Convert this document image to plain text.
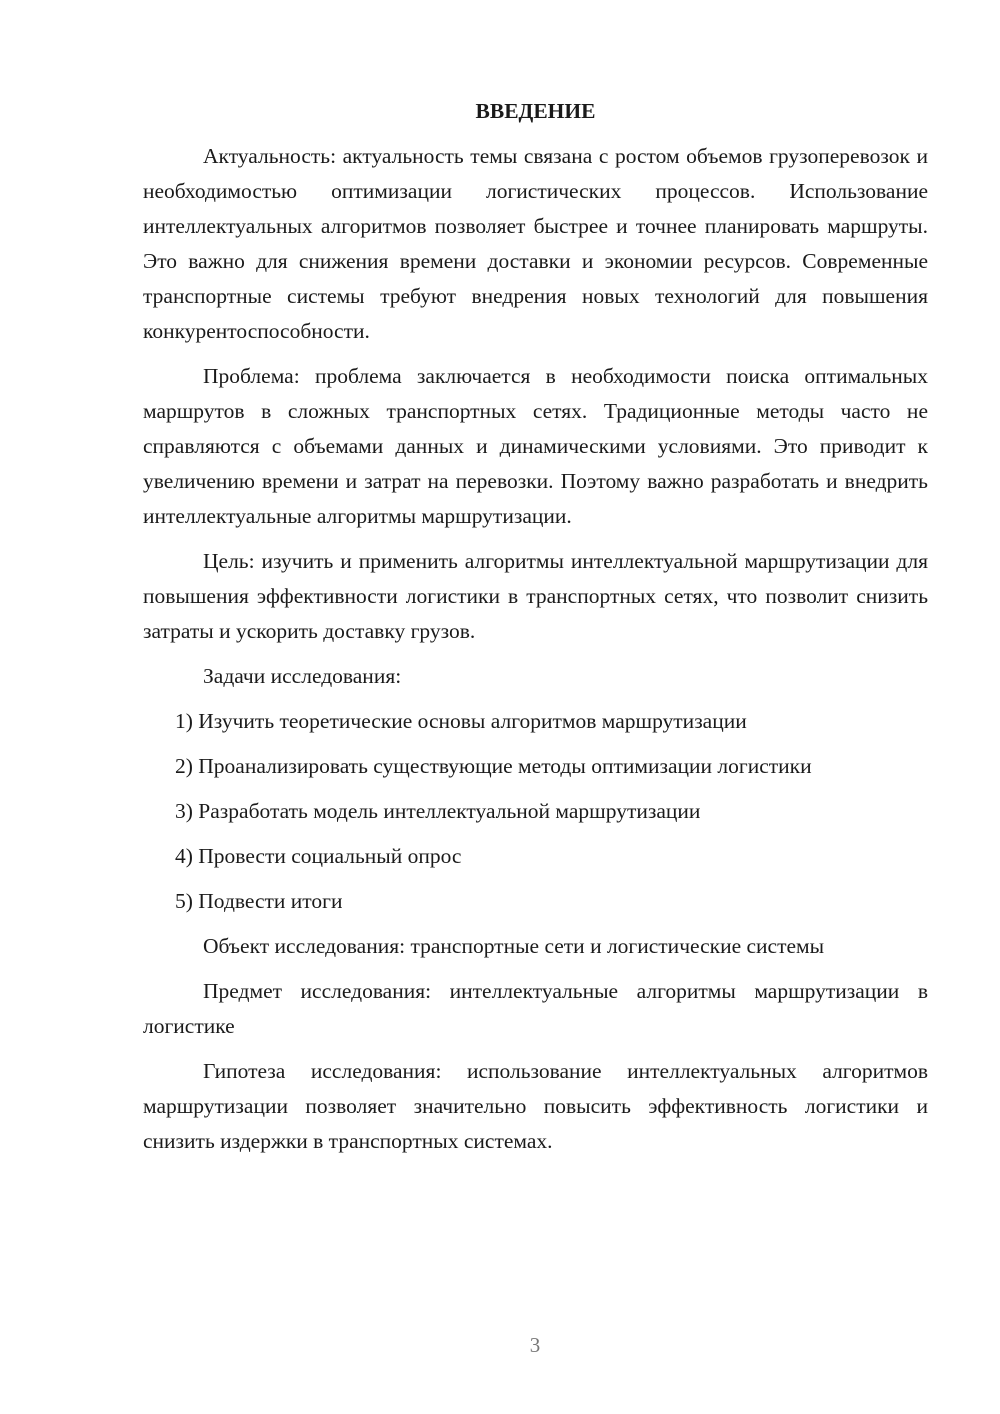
ВВЕДЕНИЕ

Актуальность: актуальность темы связана с ростом объемов грузоперевозок и необходимостью оптимизации логистических процессов. Использование интеллектуальных алгоритмов позволяет быстрее и точнее планировать маршруты. Это важно для снижения времени доставки и экономии ресурсов. Современные транспортные системы требуют внедрения новых технологий для повышения конкурентоспособности.

Проблема: проблема заключается в необходимости поиска оптимальных маршрутов в сложных транспортных сетях. Традиционные методы часто не справляются с объемами данных и динамическими условиями. Это приводит к увеличению времени и затрат на перевозки. Поэтому важно разработать и внедрить интеллектуальные алгоритмы маршрутизации.

Цель: изучить и применить алгоритмы интеллектуальной маршрутизации для повышения эффективности логистики в транспортных сетях, что позволит снизить затраты и ускорить доставку грузов.

Задачи исследования:

1) Изучить теоретические основы алгоритмов маршрутизации
2) Проанализировать существующие методы оптимизации логистики
3) Разработать модель интеллектуальной маршрутизации
4) Провести социальный опрос
5) Подвести итоги

Объект исследования: транспортные сети и логистические системы

Предмет исследования: интеллектуальные алгоритмы маршрутизации в логистике

Гипотеза исследования: использование интеллектуальных алгоритмов маршрутизации позволяет значительно повысить эффективность логистики и снизить издержки в транспортных системах.

3
